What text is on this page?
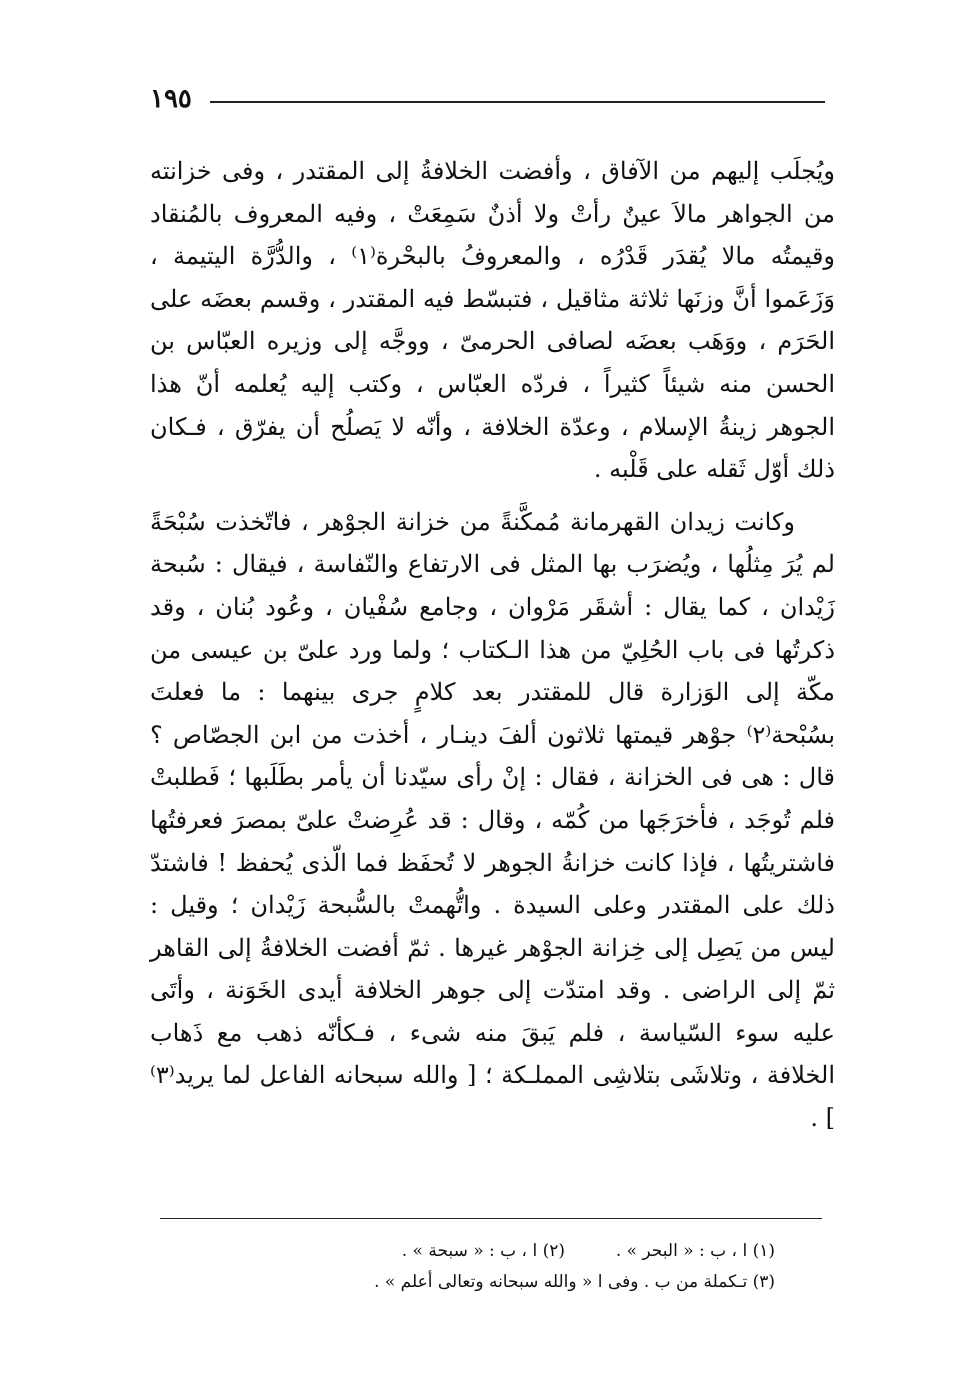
١٩٥

ويُجلَب إليهم من الآفاق ، وأفضت الخلافةُ إلى المقتدر ، وفى خزانته من الجواهر مالاَ عينٌ رأتْ ولا أذنٌ سَمِعَتْ ، وفيه المعروف بالمُنقاد وقيمتُه مالا يُقدَر قَدْرُه ، والمعروفُ بالبحْرة⁽١⁾ ، والدُّرَّة اليتيمة ، وَزَعَموا أنَّ وزنَها ثلاثة مثاقيل ، فتبسّط فيه المقتدر ، وقسم بعضَه على الحَرَم ، ووَهَب بعضَه لصافى الحرمىّ ، ووجَّه إلى وزيره العبّاس بن الحسن منه شيئاً كثيراً ، فردّه العبّاس ، وكتب إليه يُعلمه أنّ هذا الجوهر زينةُ الإسلام ، وعدّة الخلافة ، وأنّه لا يَصلُح أن يفرّق ، فـكان ذلك أوّل ثَقله على قَلْبه .

وكانت زيدان القهرمانة مُمكَّنةً من خزانة الجوْهر ، فاتّخذت سُبْحَةً لم يُرَ مِثلُها ، ويُضرَب بها المثل فى الارتفاع والنّفاسة ، فيقال : سُبحة زَيْدان ، كما يقال : أشقَر مَرْوان ، وجامع سُفْيان ، وعُود بُنان ، وقد ذكرتُها فى باب الحُلِيّ من هذا الـكتاب ؛ ولما ورد علىّ بن عيسى من مكّة إلى الوَزارة قال للمقتدر بعد كلامٍ جرى بينهما : ما فعلتَ بسُبْحة⁽٢⁾ جوْهر قيمتها ثلاثون ألفَ دينـار ، أخذت من ابن الجصّاص ؟ قال : هى فى الخزانة ، فقال : إنْ رأى سيّدنا أن يأمر بطَلَبها ؛ فَطلبتْ فلم تُوجَد ، فأخرَجَها من كُمّه ، وقال : قد عُرِضتْ علىّ بمصرَ فعرفتُها فاشتريتُها ، فإذا كانت خزانةُ الجوهر لا تُحفَظ فما الّذى يُحفظ ! فاشتدّ ذلك على المقتدر وعلى السيدة . واتُّهمتْ بالسُّبحة زَيْدان ؛ وقيل : ليس من يَصِل إلى خِزانة الجوْهر غيرها . ثمّ أفضت الخلافةُ إلى القاهر ثمّ إلى الراضى . وقد امتدّت إلى جوهر الخلافة أيدى الخَوَنة ، وأتَى عليه سوء السّياسة ، فلم يَبقَ منه شىء ، فـكأنّه ذهب مع ذَهاب الخلافة ، وتلاشَى بتلاشِى المملـكة ؛ [ والله سبحانه الفاعل لما يريد⁽٣⁾ ] .

(١) ا ، ب : « البحر » .  (٢) ا ، ب : « سبحة » .
(٣) تـكملة من ب . وفى ا « والله سبحانه وتعالى أعلم » .
